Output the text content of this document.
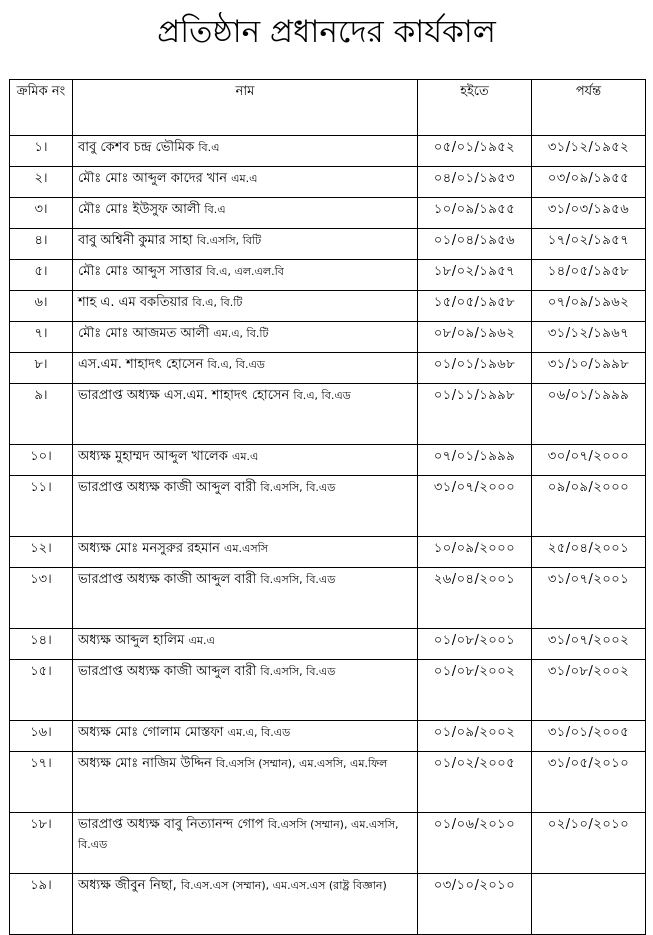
প্রতিষ্ঠান প্রধানদের কার্যকাল
ক্রমিক নং	নাম	হইতে	পর্যন্ত
১।	বাবু কেশব চন্দ্র ভৌমিক বি.এ	০৫/০১/১৯৫২	৩১/১২/১৯৫২
২।	মৌঃ মোঃ আব্দুল কাদের খান এম.এ	০৪/০১/১৯৫৩	০৩/০৯/১৯৫৫
৩।	মৌঃ মোঃ ইউসুফ আলী বি.এ	১০/০৯/১৯৫৫	৩১/০৩/১৯৫৬
৪।	বাবু অশ্বিনী কুমার সাহা বি.এসসি, বিটি	০১/০৪/১৯৫৬	১৭/০২/১৯৫৭
৫।	মৌঃ মোঃ আব্দুস সাত্তার বি.এ, এল.এল.বি	১৮/০২/১৯৫৭	১৪/০৫/১৯৫৮
৬।	শাহ এ. এম বকতিয়ার বি.এ, বি.টি	১৫/০৫/১৯৫৮	০৭/০৯/১৯৬২
৭।	মৌঃ মোঃ আজমত আলী এম.এ, বি.টি	০৮/০৯/১৯৬২	৩১/১২/১৯৬৭
৮।	এস.এম. শাহাদৎ হোসেন বি.এ, বি.এড	০১/০১/১৯৬৮	৩১/১০/১৯৯৮
৯।	ভারপ্রাপ্ত অধ্যক্ষ এস.এম. শাহাদৎ হোসেন বি.এ, বি.এড	০১/১১/১৯৯৮	০৬/০১/১৯৯৯
১০।	অধ্যক্ষ মুহাম্মদ আব্দুল খালেক এম.এ	০৭/০১/১৯৯৯	৩০/০৭/২০০০
১১।	ভারপ্রাপ্ত অধ্যক্ষ কাজী আব্দুল বারী বি.এসসি, বি.এড	৩১/০৭/২০০০	০৯/০৯/২০০০
১২।	অধ্যক্ষ মোঃ মনসুরুর রহমান এম.এসসি	১০/০৯/২০০০	২৫/০৪/২০০১
১৩।	ভারপ্রাপ্ত অধ্যক্ষ কাজী আব্দুল বারী বি.এসসি, বি.এড	২৬/০৪/২০০১	৩১/০৭/২০০১
১৪।	অধ্যক্ষ আব্দুল হালিম এম.এ	০১/০৮/২০০১	৩১/০৭/২০০২
১৫।	ভারপ্রাপ্ত অধ্যক্ষ কাজী আব্দুল বারী বি.এসসি, বি.এড	০১/০৮/২০০২	৩১/০৮/২০০২
১৬।	অধ্যক্ষ মোঃ গোলাম মোস্তফা এম.এ, বি.এড	০১/০৯/২০০২	৩১/০১/২০০৫
১৭।	অধ্যক্ষ মোঃ নাজিম উদ্দিন বি.এসসি (সম্মান), এম.এসসি, এম.ফিল	০১/০২/২০০৫	৩১/০৫/২০১০
১৮।	ভারপ্রাপ্ত অধ্যক্ষ বাবু নিত্যানন্দ গোপ বি.এসসি (সম্মান), এম.এসসি, বি.এড	০১/০৬/২০১০	০২/১০/২০১০
১৯।	অধ্যক্ষ জীবুন নিছা, বি.এস.এস (সম্মান), এম.এস.এস (রাষ্ট্র বিজ্ঞান)	০৩/১০/২০১০	
